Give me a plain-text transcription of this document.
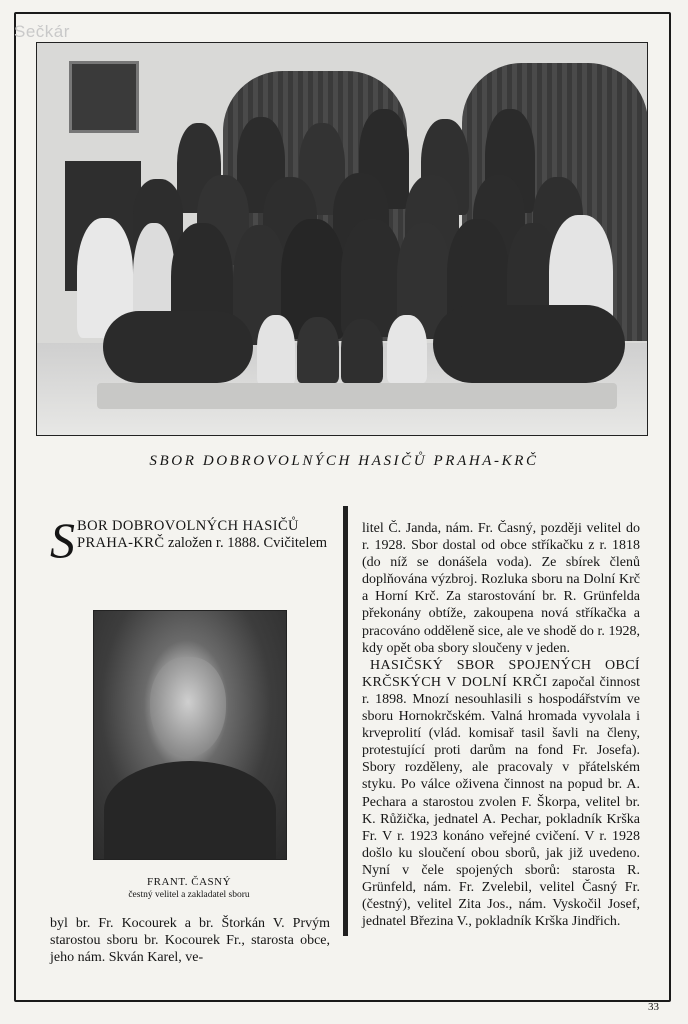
Sečkár
SBOR DOBROVOLNÝCH HASIČŮ PRAHA-KRČ
S BOR DOBROVOLNÝCH HASIČŮ PRAHA-KRČ založen r. 1888. Cvičitelem
FRANT. ČASNÝ
čestný velitel a zakladatel sboru
byl br. Fr. Kocourek a br. Štorkán V. Prvým starostou sboru br. Kocourek Fr., starosta obce, jeho nám. Skván Karel, ve-

litel Č. Janda, nám. Fr. Časný, později velitel do r. 1928. Sbor dostal od obce stříkačku z r. 1818 (do níž se donášela voda). Ze sbírek členů doplňována výzbroj. Rozluka sboru na Dolní Krč a Horní Krč. Za starostování br. R. Grünfelda překonány obtíže, zakoupena nová stříkačka a pracováno odděleně sice, ale ve shodě do r. 1928, kdy opět oba sbory sloučeny v jeden.

HASIČSKÝ SBOR SPOJENÝCH OBCÍ KRČSKÝCH V DOLNÍ KRČI započal činnost r. 1898. Mnozí nesouhlasili s hospodářstvím ve sboru Hornokrčském. Valná hromada vyvolala i krveprolití (vlád. komisař tasil šavli na členy, protestující proti darům na fond Fr. Josefa). Sbory rozděleny, ale pracovaly v přátelském styku. Po válce oživena činnost na popud br. A. Pechara a starostou zvolen F. Škorpa, velitel br. K. Růžička, jednatel A. Pechar, pokladník Krška Fr. V r. 1923 konáno veřejné cvičení. V r. 1928 došlo ku sloučení obou sborů, jak již uvedeno. Nyní v čele spojených sborů: starosta R. Grünfeld, nám. Fr. Zvelebil, velitel Časný Fr. (čestný), velitel Zita Jos., nám. Vyskočil Josef, jednatel Březina V., pokladník Krška Jindřich.

33
